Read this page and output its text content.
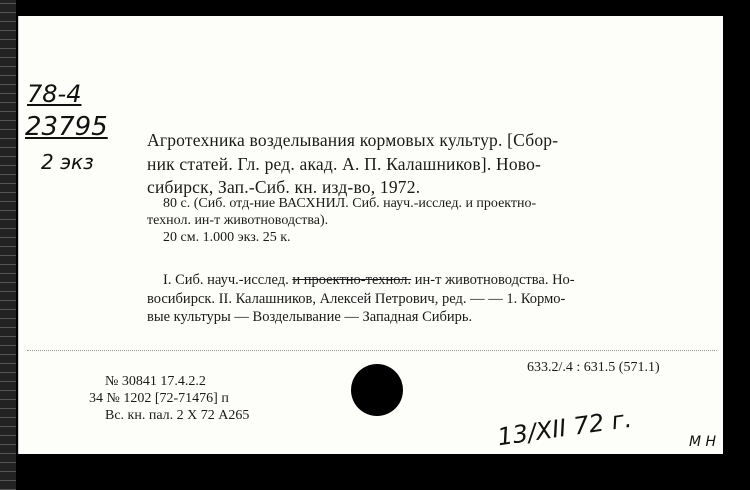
78-4
23795
2 экз
Агротехника возделывания кормовых культур. [Сбор-
ник статей. Гл. ред. акад. А. П. Калашников]. Ново-
сибирск, Зап.-Сиб. кн. изд-во, 1972.
80 с. (Сиб. отд-ние ВАСХНИЛ. Сиб. науч.-исслед. и проектно-
технол. ин-т животноводства).
20 см. 1.000 экз. 25 к.
I. Сиб. науч.-исслед. и проектно-технол. ин-т животноводства. Но-
восибирск. II. Калашников, Алексей Петрович, ред. — — 1. Кормо-
вые культуры — Возделывание — Западная Сибирь.
633.2/.4 : 631.5 (571.1)
№ 30841 17.4.2.2
34 № 1202 [72-71476] п
Вс. кн. пал. 2 X 72 А265	13/XII 72 г.	М Н
